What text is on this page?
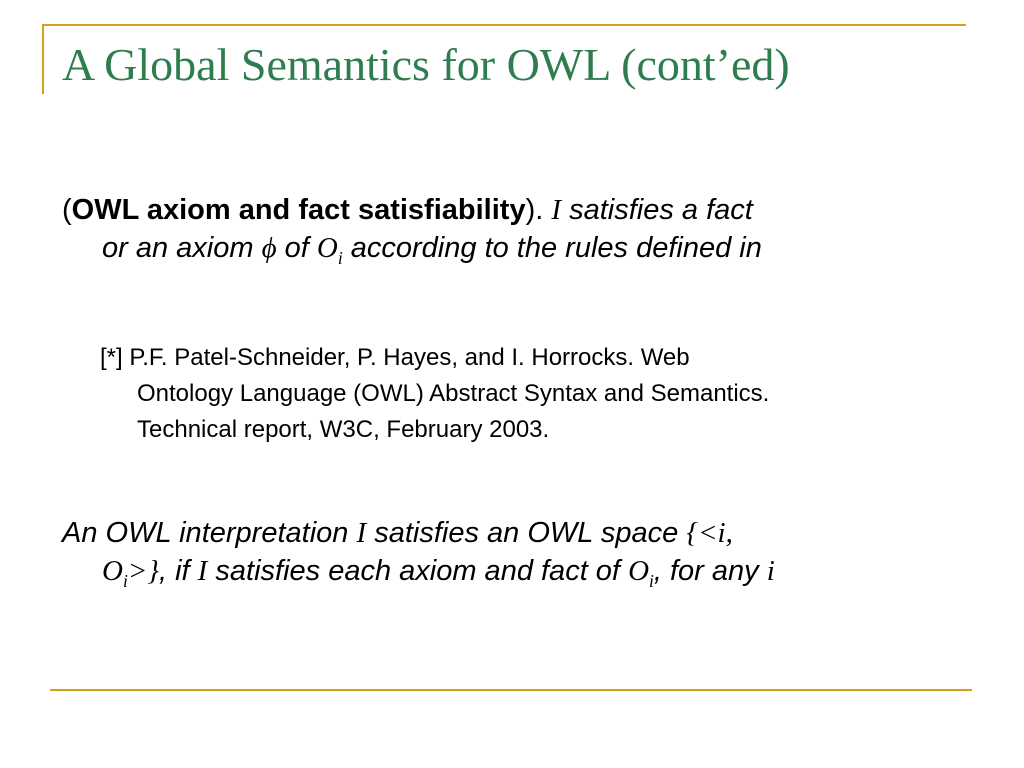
A Global Semantics for OWL (cont’ed)

(OWL axiom and fact satisfiability). I satisfies a fact
or an axiom ϕ of $O_i$ according to the rules defined in

[*] P.F. Patel-Schneider, P. Hayes, and I. Horrocks. Web
Ontology Language (OWL) Abstract Syntax and Semantics.
Technical report, W3C, February 2003.

An OWL interpretation I satisfies an OWL space {<i,
$O_i>$}, if I satisfies each axiom and fact of $O_i$, for any i
